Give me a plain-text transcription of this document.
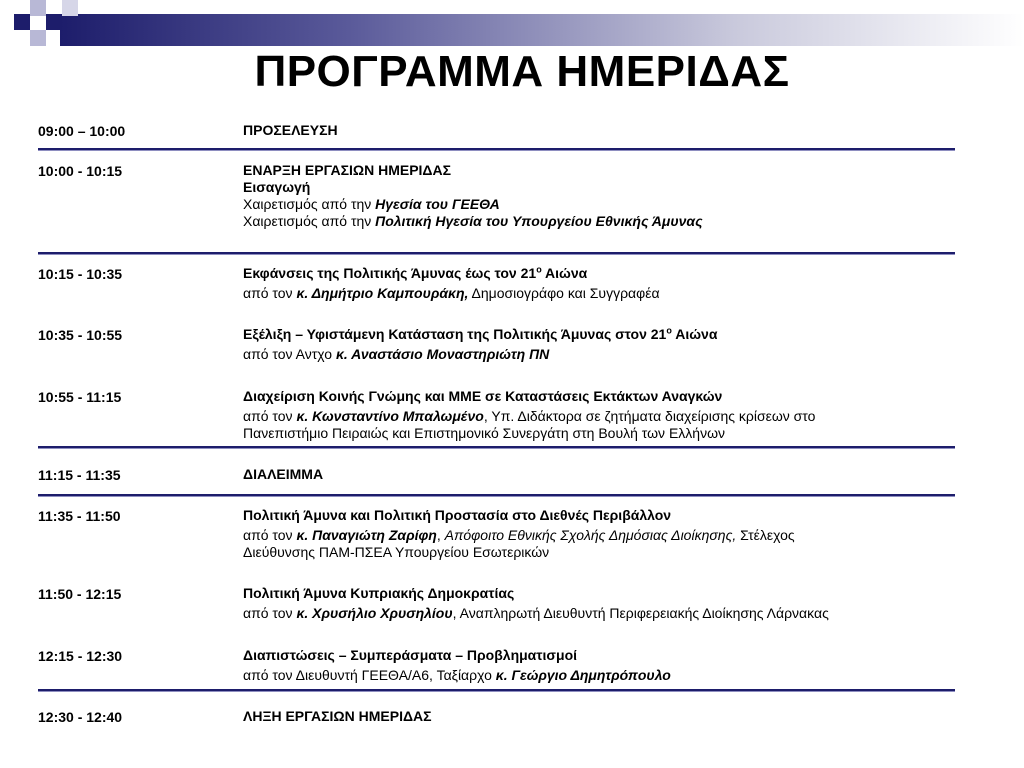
ΠΡΟΓΡΑΜΜΑ ΗΜΕΡΙΔΑΣ
09:00 – 10:00	ΠΡΟΣΕΛΕΥΣΗ
10:00 - 10:15	ΕΝΑΡΞΗ ΕΡΓΑΣΙΩΝ ΗΜΕΡΙΔΑΣ
Εισαγωγή
Χαιρετισμός από την Ηγεσία του ΓΕΕΘΑ
Χαιρετισμός από την Πολιτική Ηγεσία του Υπουργείου Εθνικής Άμυνας
10:15 - 10:35	Εκφάνσεις της Πολιτικής Άμυνας έως τον $21^o$ Αιώνα
από τον κ. Δημήτριο Καμπουράκη, Δημοσιογράφο και Συγγραφέα
10:35 - 10:55	Εξέλιξη – Υφιστάμενη Κατάσταση της Πολιτικής Άμυνας στον $21^o$ Αιώνα
από τον Αντχο κ. Αναστάσιο Μοναστηριώτη ΠΝ
10:55 - 11:15	Διαχείριση Κοινής Γνώμης και ΜΜΕ σε Καταστάσεις Εκτάκτων Αναγκών
από τον κ. Κωνσταντίνο Μπαλωμένο, Υπ. Διδάκτορα σε ζητήματα διαχείρισης κρίσεων στο
Πανεπιστήμιο Πειραιώς και Επιστημονικό Συνεργάτη στη Βουλή των Ελλήνων
11:15 - 11:35	ΔΙΑΛΕΙΜΜΑ
11:35 - 11:50	Πολιτική Άμυνα και Πολιτική Προστασία στο Διεθνές Περιβάλλον
από τον κ. Παναγιώτη Ζαρίφη, Απόφοιτο Εθνικής Σχολής Δημόσιας Διοίκησης, Στέλεχος
Διεύθυνσης ΠΑΜ-ΠΣΕΑ Υπουργείου Εσωτερικών
11:50 - 12:15	Πολιτική Άμυνα Κυπριακής Δημοκρατίας
από τον κ. Χρυσήλιο Χρυσηλίου, Αναπληρωτή Διευθυντή Περιφερειακής Διοίκησης Λάρνακας
12:15 - 12:30	Διαπιστώσεις – Συμπεράσματα – Προβληματισμοί
από τον Διευθυντή ΓΕΕΘΑ/Α6, Ταξίαρχο κ. Γεώργιο Δημητρόπουλο
12:30 - 12:40	ΛΗΞΗ ΕΡΓΑΣΙΩΝ ΗΜΕΡΙΔΑΣ
